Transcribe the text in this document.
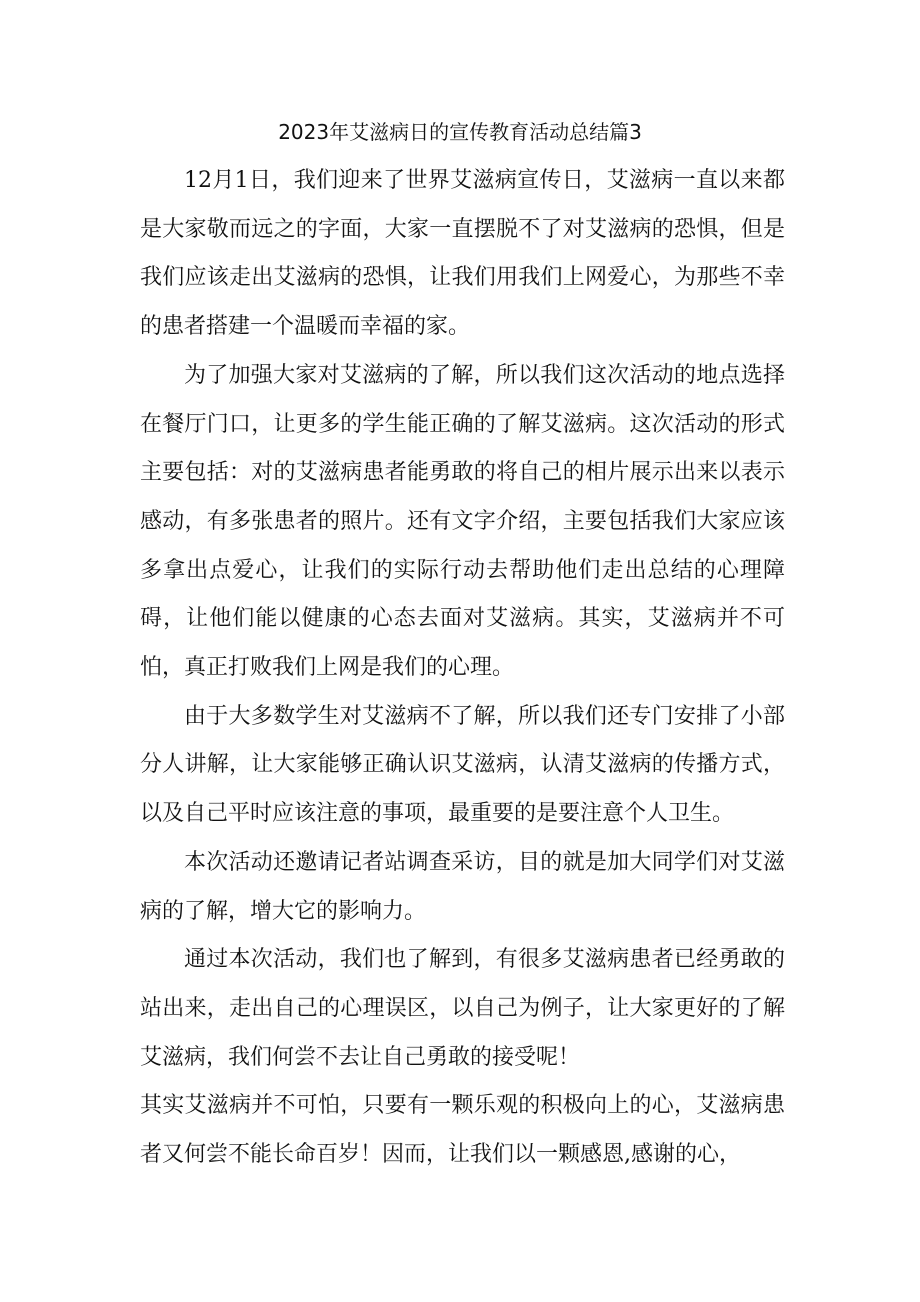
2023年艾滋病日的宣传教育活动总结篇3

12月1日，我们迎来了世界艾滋病宣传日，艾滋病一直以来都是大家敬而远之的字面，大家一直摆脱不了对艾滋病的恐惧，但是我们应该走出艾滋病的恐惧，让我们用我们上网爱心，为那些不幸的患者搭建一个温暖而幸福的家。

为了加强大家对艾滋病的了解，所以我们这次活动的地点选择在餐厅门口，让更多的学生能正确的了解艾滋病。这次活动的形式主要包括：对的艾滋病患者能勇敢的将自己的相片展示出来以表示感动，有多张患者的照片。还有文字介绍，主要包括我们大家应该多拿出点爱心，让我们的实际行动去帮助他们走出总结的心理障碍，让他们能以健康的心态去面对艾滋病。其实，艾滋病并不可怕，真正打败我们上网是我们的心理。

由于大多数学生对艾滋病不了解，所以我们还专门安排了小部分人讲解，让大家能够正确认识艾滋病，认清艾滋病的传播方式，以及自己平时应该注意的事项，最重要的是要注意个人卫生。

本次活动还邀请记者站调查采访，目的就是加大同学们对艾滋病的了解，增大它的影响力。

通过本次活动，我们也了解到，有很多艾滋病患者已经勇敢的站出来，走出自己的心理误区，以自己为例子，让大家更好的了解艾滋病，我们何尝不去让自己勇敢的接受呢！

其实艾滋病并不可怕，只要有一颗乐观的积极向上的心，艾滋病患者又何尝不能长命百岁！因而，让我们以一颗感恩,感谢的心，
